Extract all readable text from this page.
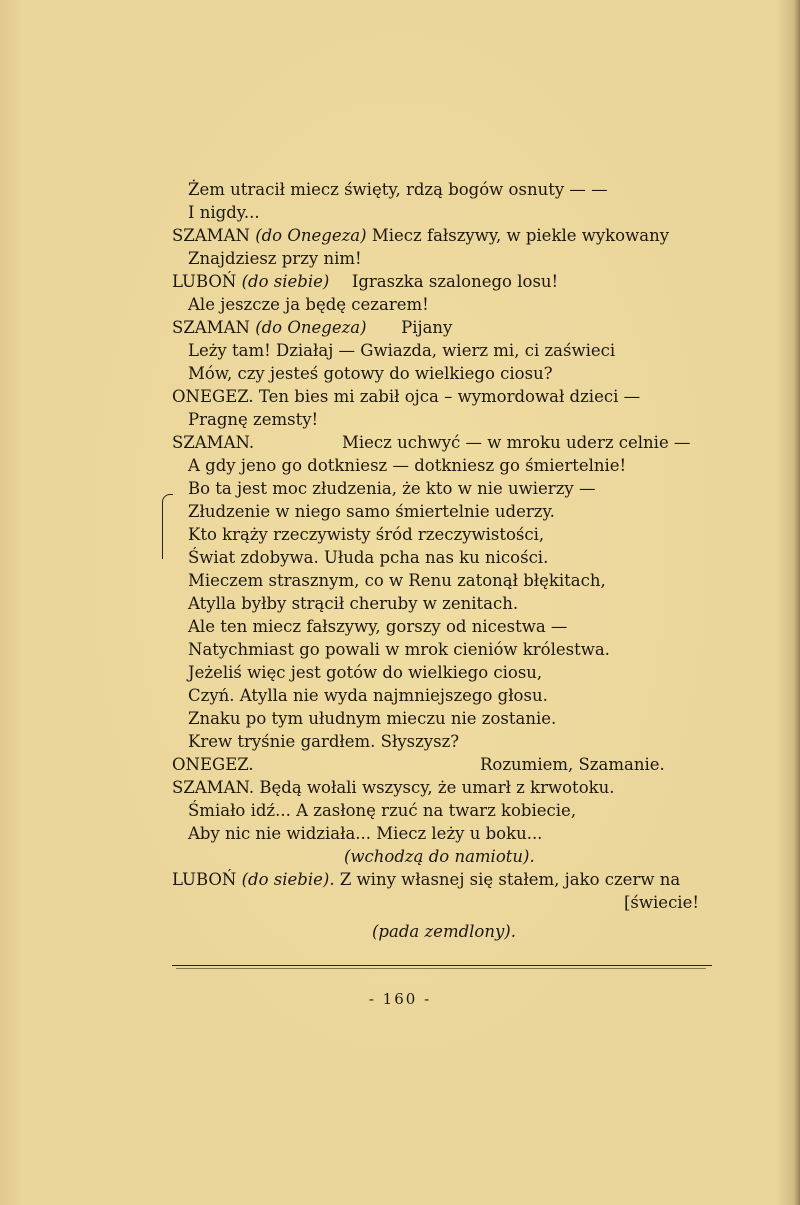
Żem utracił miecz święty, rdzą bogów osnuty — —
I nigdy...
SZAMAN (do Onegeza) Miecz fałszywy, w piekle wykowany
Znajdziesz przy nim!
LUBOŃ (do siebie) Igraszka szalonego losu!
Ale jeszcze ja będę cezarem!
SZAMAN (do Onegeza) Pijany
Leży tam! Działaj — Gwiazda, wierz mi, ci zaświeci
Mów, czy jesteś gotowy do wielkiego ciosu?
ONEGEZ. Ten bies mi zabił ojca – wymordował dzieci —
Pragnę zemsty!
SZAMAN.	Miecz uchwyć — w mroku uderz celnie —
A gdy jeno go dotkniesz — dotkniesz go śmiertelnie!
Bo ta jest moc złudzenia, że kto w nie uwierzy —
Złudzenie w niego samo śmiertelnie uderzy.
Kto krąży rzeczywisty śród rzeczywistości,
Świat zdobywa. Ułuda pcha nas ku nicości.
Mieczem strasznym, co w Renu zatonął błękitach,
Atylla byłby strącił cheruby w zenitach.
Ale ten miecz fałszywy, gorszy od nicestwa —
Natychmiast go powali w mrok cieniów królestwa.
Jeżeliś więc jest gotów do wielkiego ciosu,
Czyń. Atylla nie wyda najmniejszego głosu.
Znaku po tym ułudnym mieczu nie zostanie.
Krew tryśnie gardłem. Słyszysz?
ONEGEZ.	Rozumiem, Szamanie.
SZAMAN. Będą wołali wszyscy, że umarł z krwotoku.
Śmiało idź... A zasłonę rzuć na twarz kobiecie,
Aby nic nie widziała... Miecz leży u boku...
(wchodzą do namiotu).
LUBOŃ (do siebie). Z winy własnej się stałem, jako czerw na
[świecie!
(pada zemdlony).
- 160 -
